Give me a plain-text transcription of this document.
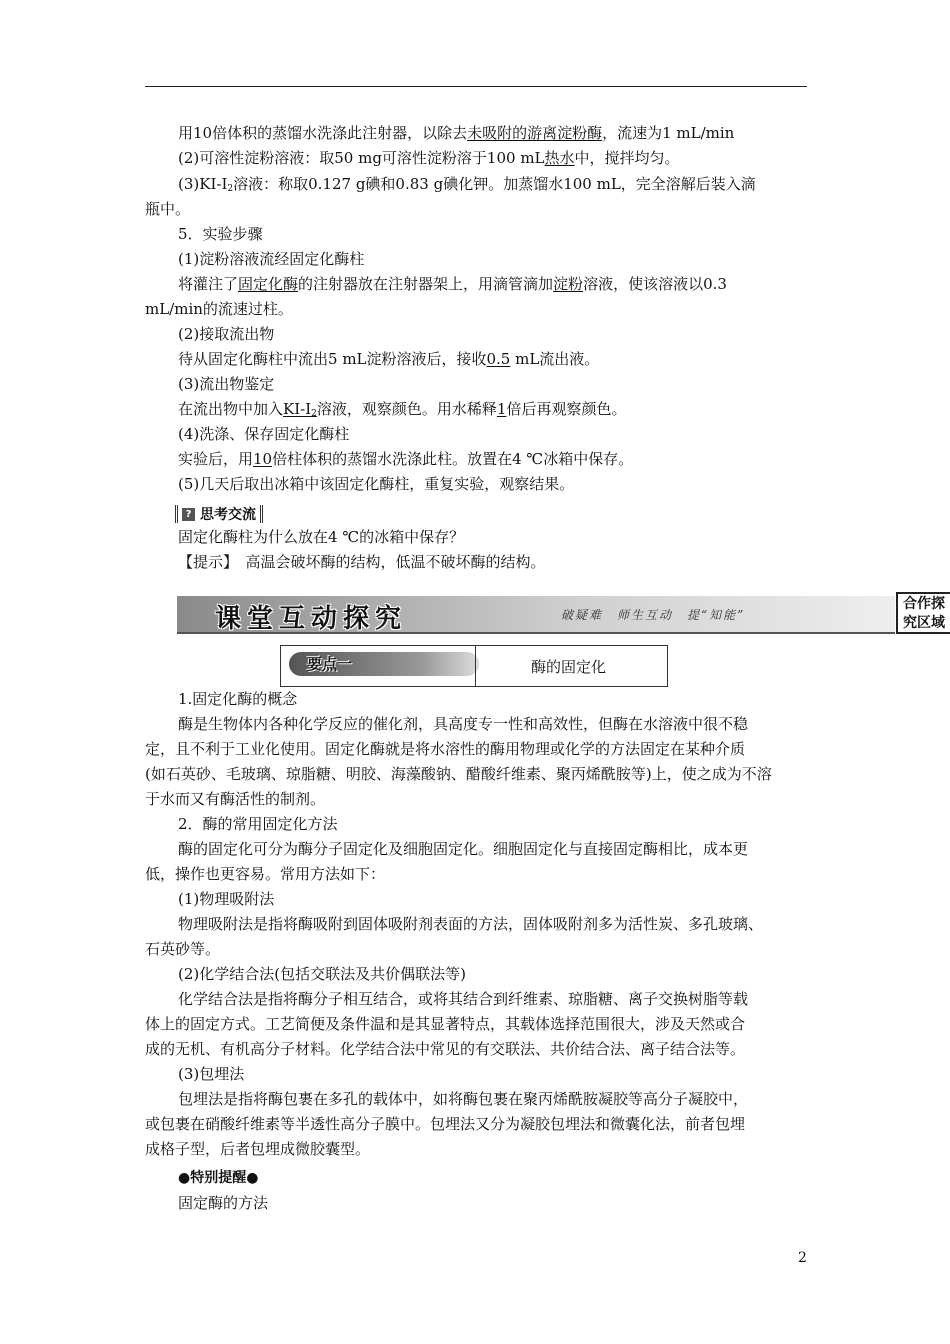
用10倍体积的蒸馏水洗涤此注射器，以除去未吸附的游离淀粉酶，流速为1 mL/min
(2)可溶性淀粉溶液：取50 mg可溶性淀粉溶于100 mL热水中，搅拌均匀。
$(3)KI-I_2$溶液：称取0.127 g碘和0.83 g碘化钾。加蒸馏水100 mL，完全溶解后装入滴
瓶中。
5．实验步骤
(1)淀粉溶液流经固定化酶柱
将灌注了固定化酶的注射器放在注射器架上，用滴管滴加淀粉溶液，使该溶液以0.3
mL/min的流速过柱。
(2)接取流出物
待从固定化酶柱中流出5 mL淀粉溶液后，接收0.5 mL流出液。
(3)流出物鉴定
在流出物中加入$KI-I_2$溶液，观察颜色。用水稀释1倍后再观察颜色。
(4)洗涤、保存固定化酶柱
实验后，用10倍柱体积的蒸馏水洗涤此柱。放置在4 ℃冰箱中保存。
(5)几天后取出冰箱中该固定化酶柱，重复实验，观察结果。
? 思考交流
固定化酶柱为什么放在4 ℃的冰箱中保存？
【提示】　高温会破坏酶的结构，低温不破坏酶的结构。
课堂互动探究	破疑难　师生互动　提“知能”
合作探
究区域
要点一	酶的固定化
1.固定化酶的概念
酶是生物体内各种化学反应的催化剂，具高度专一性和高效性，但酶在水溶液中很不稳
定，且不利于工业化使用。固定化酶就是将水溶性的酶用物理或化学的方法固定在某种介质
(如石英砂、毛玻璃、琼脂糖、明胶、海藻酸钠、醋酸纤维素、聚丙烯酰胺等)上，使之成为不溶
于水而又有酶活性的制剂。
2．酶的常用固定化方法
酶的固定化可分为酶分子固定化及细胞固定化。细胞固定化与直接固定酶相比，成本更
低，操作也更容易。常用方法如下：
(1)物理吸附法
物理吸附法是指将酶吸附到固体吸附剂表面的方法，固体吸附剂多为活性炭、多孔玻璃、
石英砂等。
(2)化学结合法(包括交联法及共价偶联法等)
化学结合法是指将酶分子相互结合，或将其结合到纤维素、琼脂糖、离子交换树脂等载
体上的固定方式。工艺简便及条件温和是其显著特点，其载体选择范围很大，涉及天然或合
成的无机、有机高分子材料。化学结合法中常见的有交联法、共价结合法、离子结合法等。
(3)包埋法
包埋法是指将酶包裹在多孔的载体中，如将酶包裹在聚丙烯酰胺凝胶等高分子凝胶中，
或包裹在硝酸纤维素等半透性高分子膜中。包埋法又分为凝胶包埋法和微囊化法，前者包埋
成格子型，后者包埋成微胶囊型。
●特别提醒●
固定酶的方法
2
